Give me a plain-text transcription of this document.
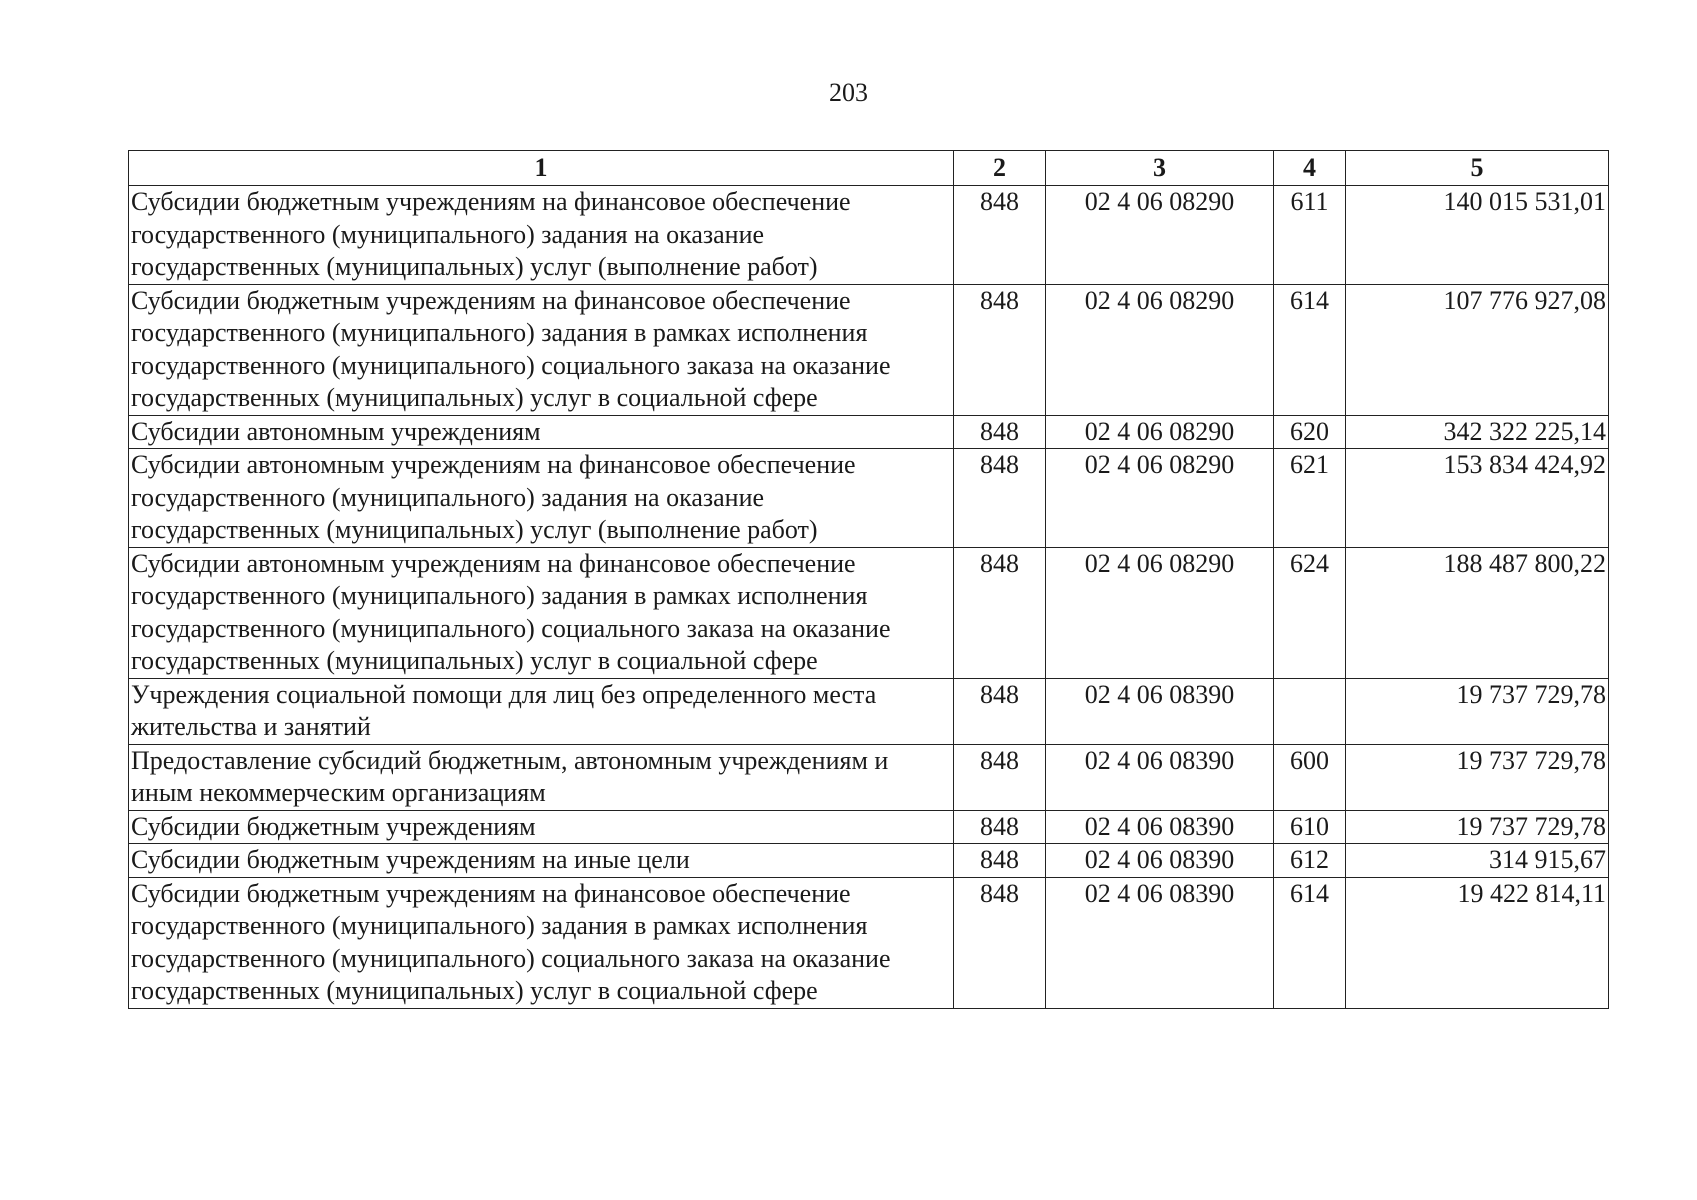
203
1	2	3	4	5
Субсидии бюджетным учреждениям на финансовое обеспечение государственного (муниципального) задания на оказание государственных (муниципальных) услуг (выполнение работ)	848	02 4 06 08290	611	140 015 531,01
Субсидии бюджетным учреждениям на финансовое обеспечение государственного (муниципального) задания в рамках исполнения государственного (муниципального) социального заказа на оказание государственных (муниципальных) услуг в социальной сфере	848	02 4 06 08290	614	107 776 927,08
Субсидии автономным учреждениям	848	02 4 06 08290	620	342 322 225,14
Субсидии автономным учреждениям на финансовое обеспечение государственного (муниципального) задания на оказание государственных (муниципальных) услуг (выполнение работ)	848	02 4 06 08290	621	153 834 424,92
Субсидии автономным учреждениям на финансовое обеспечение государственного (муниципального) задания в рамках исполнения государственного (муниципального) социального заказа на оказание государственных (муниципальных) услуг в социальной сфере	848	02 4 06 08290	624	188 487 800,22
Учреждения социальной помощи для лиц без определенного места жительства и занятий	848	02 4 06 08390		19 737 729,78
Предоставление субсидий бюджетным, автономным учреждениям и иным некоммерческим организациям	848	02 4 06 08390	600	19 737 729,78
Субсидии бюджетным учреждениям	848	02 4 06 08390	610	19 737 729,78
Субсидии бюджетным учреждениям на иные цели	848	02 4 06 08390	612	314 915,67
Субсидии бюджетным учреждениям на финансовое обеспечение государственного (муниципального) задания в рамках исполнения государственного (муниципального) социального заказа на оказание государственных (муниципальных) услуг в социальной сфере	848	02 4 06 08390	614	19 422 814,11
